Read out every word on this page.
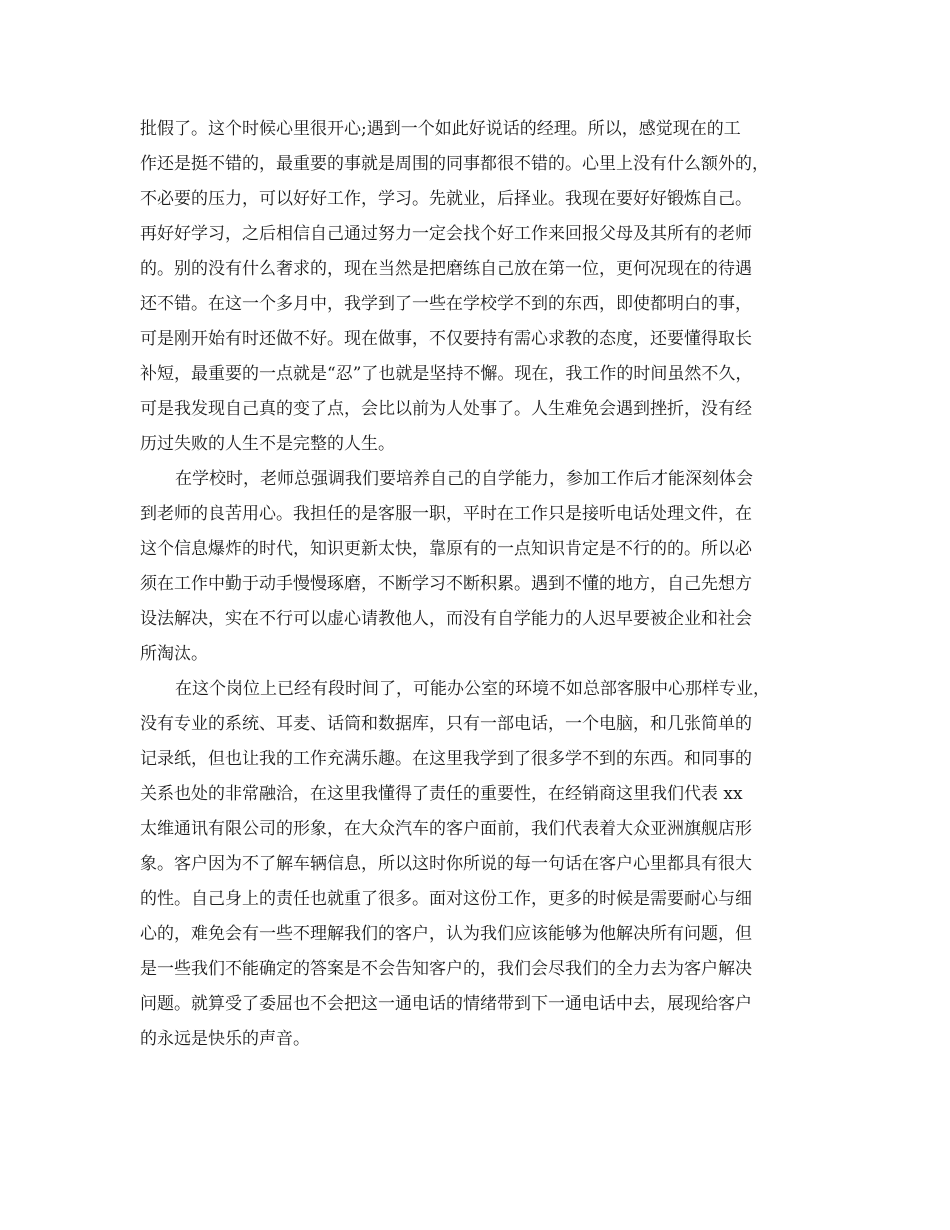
批假了。这个时候心里很开心;遇到一个如此好说话的经理。所以，感觉现在的工
作还是挺不错的，最重要的事就是周围的同事都很不错的。心里上没有什么额外的，
不必要的压力，可以好好工作，学习。先就业，后择业。我现在要好好锻炼自己。
再好好学习，之后相信自己通过努力一定会找个好工作来回报父母及其所有的老师
的。别的没有什么奢求的，现在当然是把磨练自己放在第一位，更何况现在的待遇
还不错。在这一个多月中，我学到了一些在学校学不到的东西，即使都明白的事，
可是刚开始有时还做不好。现在做事，不仅要持有需心求教的态度，还要懂得取长
补短，最重要的一点就是“忍”了也就是坚持不懈。现在，我工作的时间虽然不久，
可是我发现自己真的变了点，会比以前为人处事了。人生难免会遇到挫折，没有经
历过失败的人生不是完整的人生。
在学校时，老师总强调我们要培养自己的自学能力，参加工作后才能深刻体会
到老师的良苦用心。我担任的是客服一职，平时在工作只是接听电话处理文件，在
这个信息爆炸的时代，知识更新太快，靠原有的一点知识肯定是不行的的。所以必
须在工作中勤于动手慢慢琢磨，不断学习不断积累。遇到不懂的地方，自己先想方
设法解决，实在不行可以虚心请教他人，而没有自学能力的人迟早要被企业和社会
所淘汰。
在这个岗位上已经有段时间了，可能办公室的环境不如总部客服中心那样专业，
没有专业的系统、耳麦、话筒和数据库，只有一部电话，一个电脑，和几张简单的
记录纸，但也让我的工作充满乐趣。在这里我学到了很多学不到的东西。和同事的
关系也处的非常融洽，在这里我懂得了责任的重要性，在经销商这里我们代表 xx
太维通讯有限公司的形象，在大众汽车的客户面前，我们代表着大众亚洲旗舰店形
象。客户因为不了解车辆信息，所以这时你所说的每一句话在客户心里都具有很大
的性。自己身上的责任也就重了很多。面对这份工作，更多的时候是需要耐心与细
心的，难免会有一些不理解我们的客户，认为我们应该能够为他解决所有问题，但
是一些我们不能确定的答案是不会告知客户的，我们会尽我们的全力去为客户解决
问题。就算受了委屈也不会把这一通电话的情绪带到下一通电话中去，展现给客户
的永远是快乐的声音。
